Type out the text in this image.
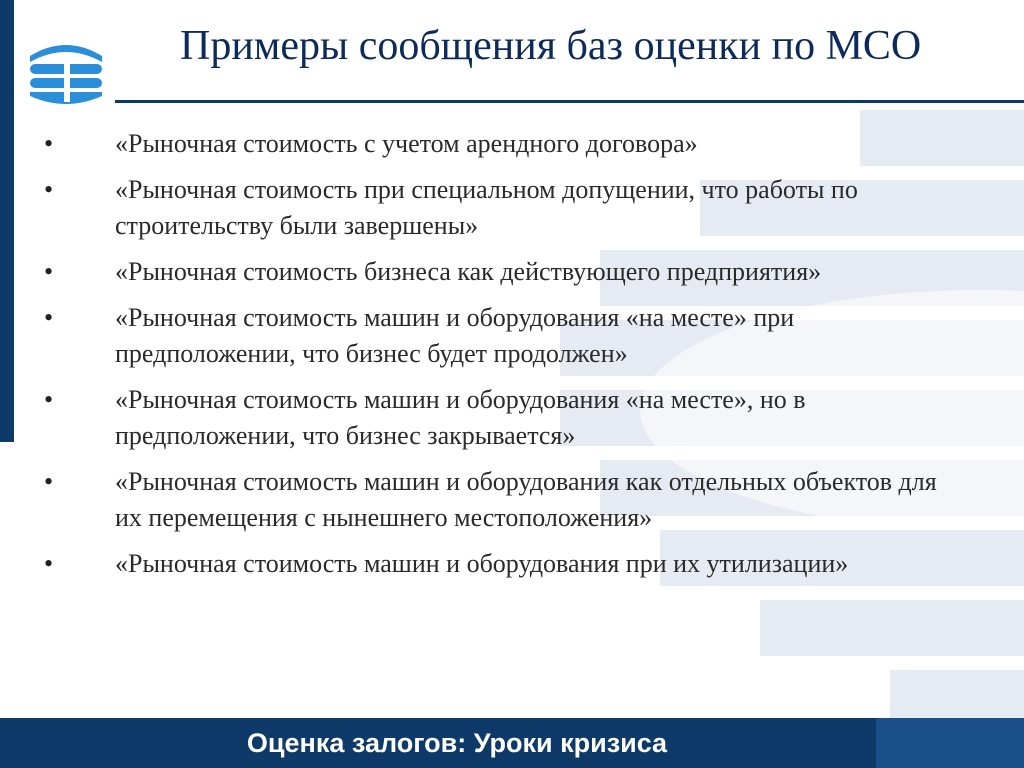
Примеры сообщения баз оценки по МСО
• «Рыночная стоимость с учетом арендного договора»
• «Рыночная стоимость при специальном допущении, что работы по строительству были завершены»
• «Рыночная стоимость бизнеса как действующего предприятия»
• «Рыночная стоимость машин и оборудования «на месте» при предположении, что бизнес будет продолжен»
• «Рыночная стоимость машин и оборудования «на месте», но в предположении, что бизнес закрывается»
• «Рыночная стоимость машин и оборудования как отдельных объектов для их перемещения с нынешнего местоположения»
• «Рыночная стоимость машин и оборудования при их утилизации»
Оценка залогов: Уроки кризиса
